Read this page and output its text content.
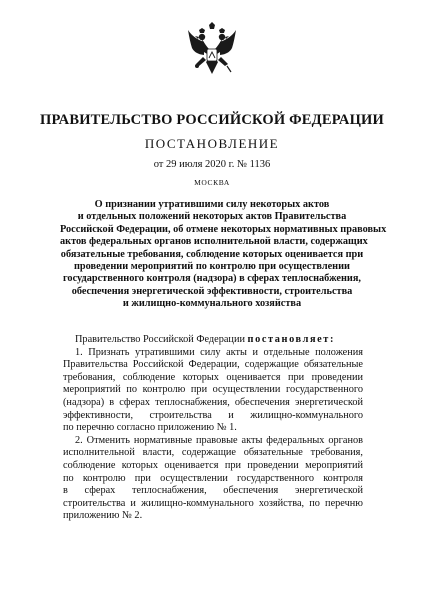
ПРАВИТЕЛЬСТВО РОССИЙСКОЙ ФЕДЕРАЦИИ
ПОСТАНОВЛЕНИЕ
от 29 июля 2020 г. № 1136
МОСКВА
О признании утратившими силу некоторых актов
и отдельных положений некоторых актов Правительства
Российской Федерации, об отмене некоторых нормативных правовых
актов федеральных органов исполнительной власти, содержащих
обязательные требования, соблюдение которых оценивается при
проведении мероприятий по контролю при осуществлении
государственного контроля (надзора) в сферах теплоснабжения,
обеспечения энергетической эффективности, строительства
и жилищно-коммунального хозяйства
Правительство Российской Федерации постановляет:
1. Признать утратившими силу акты и отдельные положения
Правительства Российской Федерации, содержащие обязательные
требования, соблюдение которых оценивается при проведении
мероприятий по контролю при осуществлении государственного
(надзора) в сферах теплоснабжения, обеспечения энергетической
эффективности, строительства и жилищно-коммунального
по перечню согласно приложению № 1.
2. Отменить нормативные правовые акты федеральных органов
исполнительной власти, содержащие обязательные требования,
соблюдение которых оценивается при проведении мероприятий
по контролю при осуществлении государственного контроля
в сферах теплоснабжения, обеспечения энергетической
строительства и жилищно-коммунального хозяйства, по перечню
приложению № 2.
